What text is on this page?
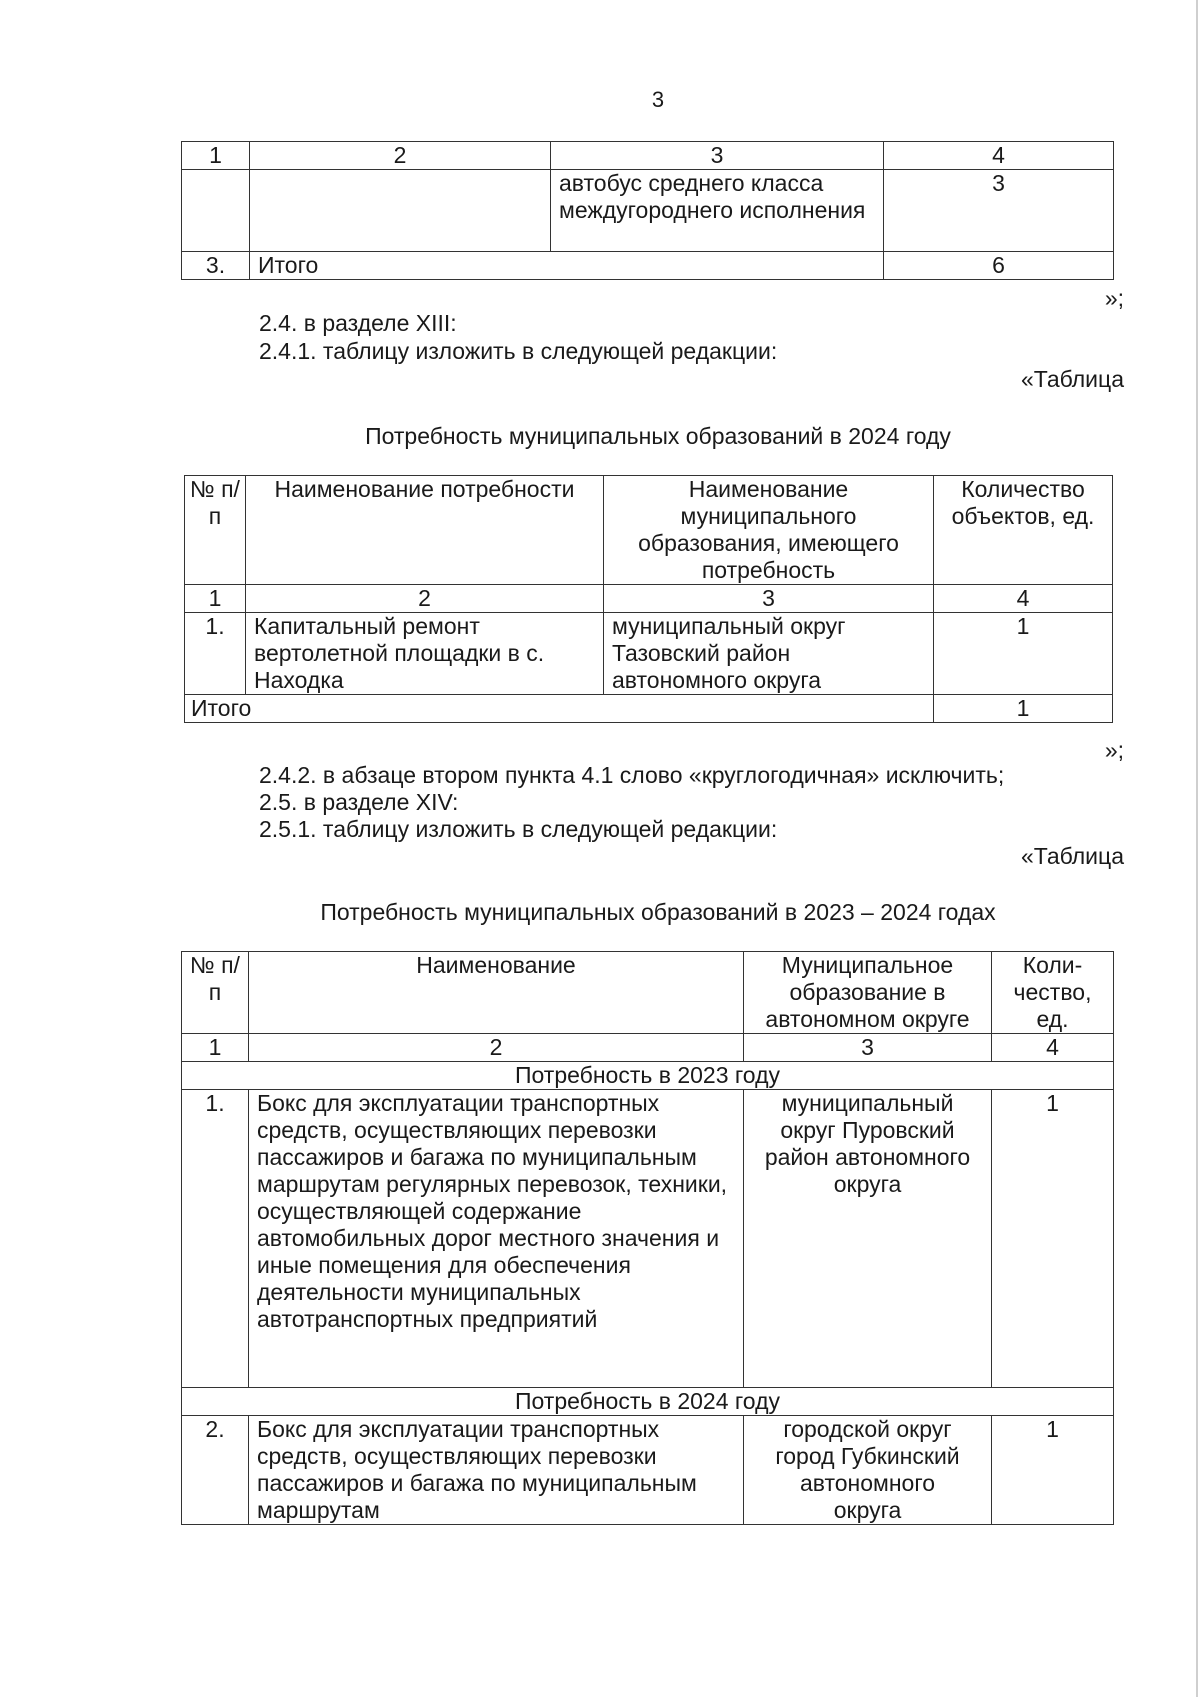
3
1	2	3	4
		автобус среднего класса междугороднего исполнения	3
3.	Итого		6
»;
2.4. в разделе XIII:
2.4.1. таблицу изложить в следующей редакции:
«Таблица
Потребность муниципальных образований в 2024 году
№ п/п	Наименование потребности	Наименование муниципального образования, имеющего потребность	Количество объектов, ед.
1	2	3	4
1.	Капитальный ремонт вертолетной площадки в с. Находка	муниципальный округ Тазовский район автономного округа	1
Итого			1
»;
2.4.2. в абзаце втором пункта 4.1 слово «круглогодичная» исключить;
2.5. в разделе XIV:
2.5.1. таблицу изложить в следующей редакции:
«Таблица
Потребность муниципальных образований в 2023 – 2024 годах
№ п/п	Наименование	Муниципальное образование в автономном округе	Коли-
чество,
ед.
1	2	3	4
Потребность в 2023 году			
1.	Бокс для эксплуатации транспортных средств, осуществляющих перевозки пассажиров и багажа по муниципальным маршрутам регулярных перевозок, техники, осуществляющей содержание автомобильных дорог местного значения и иные помещения для обеспечения деятельности муниципальных автотранспортных предприятий	муниципальный округ Пуровский район автономного округа	1
Потребность в 2024 году			
2.	Бокс для эксплуатации транспортных средств, осуществляющих перевозки пассажиров и багажа по муниципальным маршрутам	городской округ город Губкинский автономного округа	1
